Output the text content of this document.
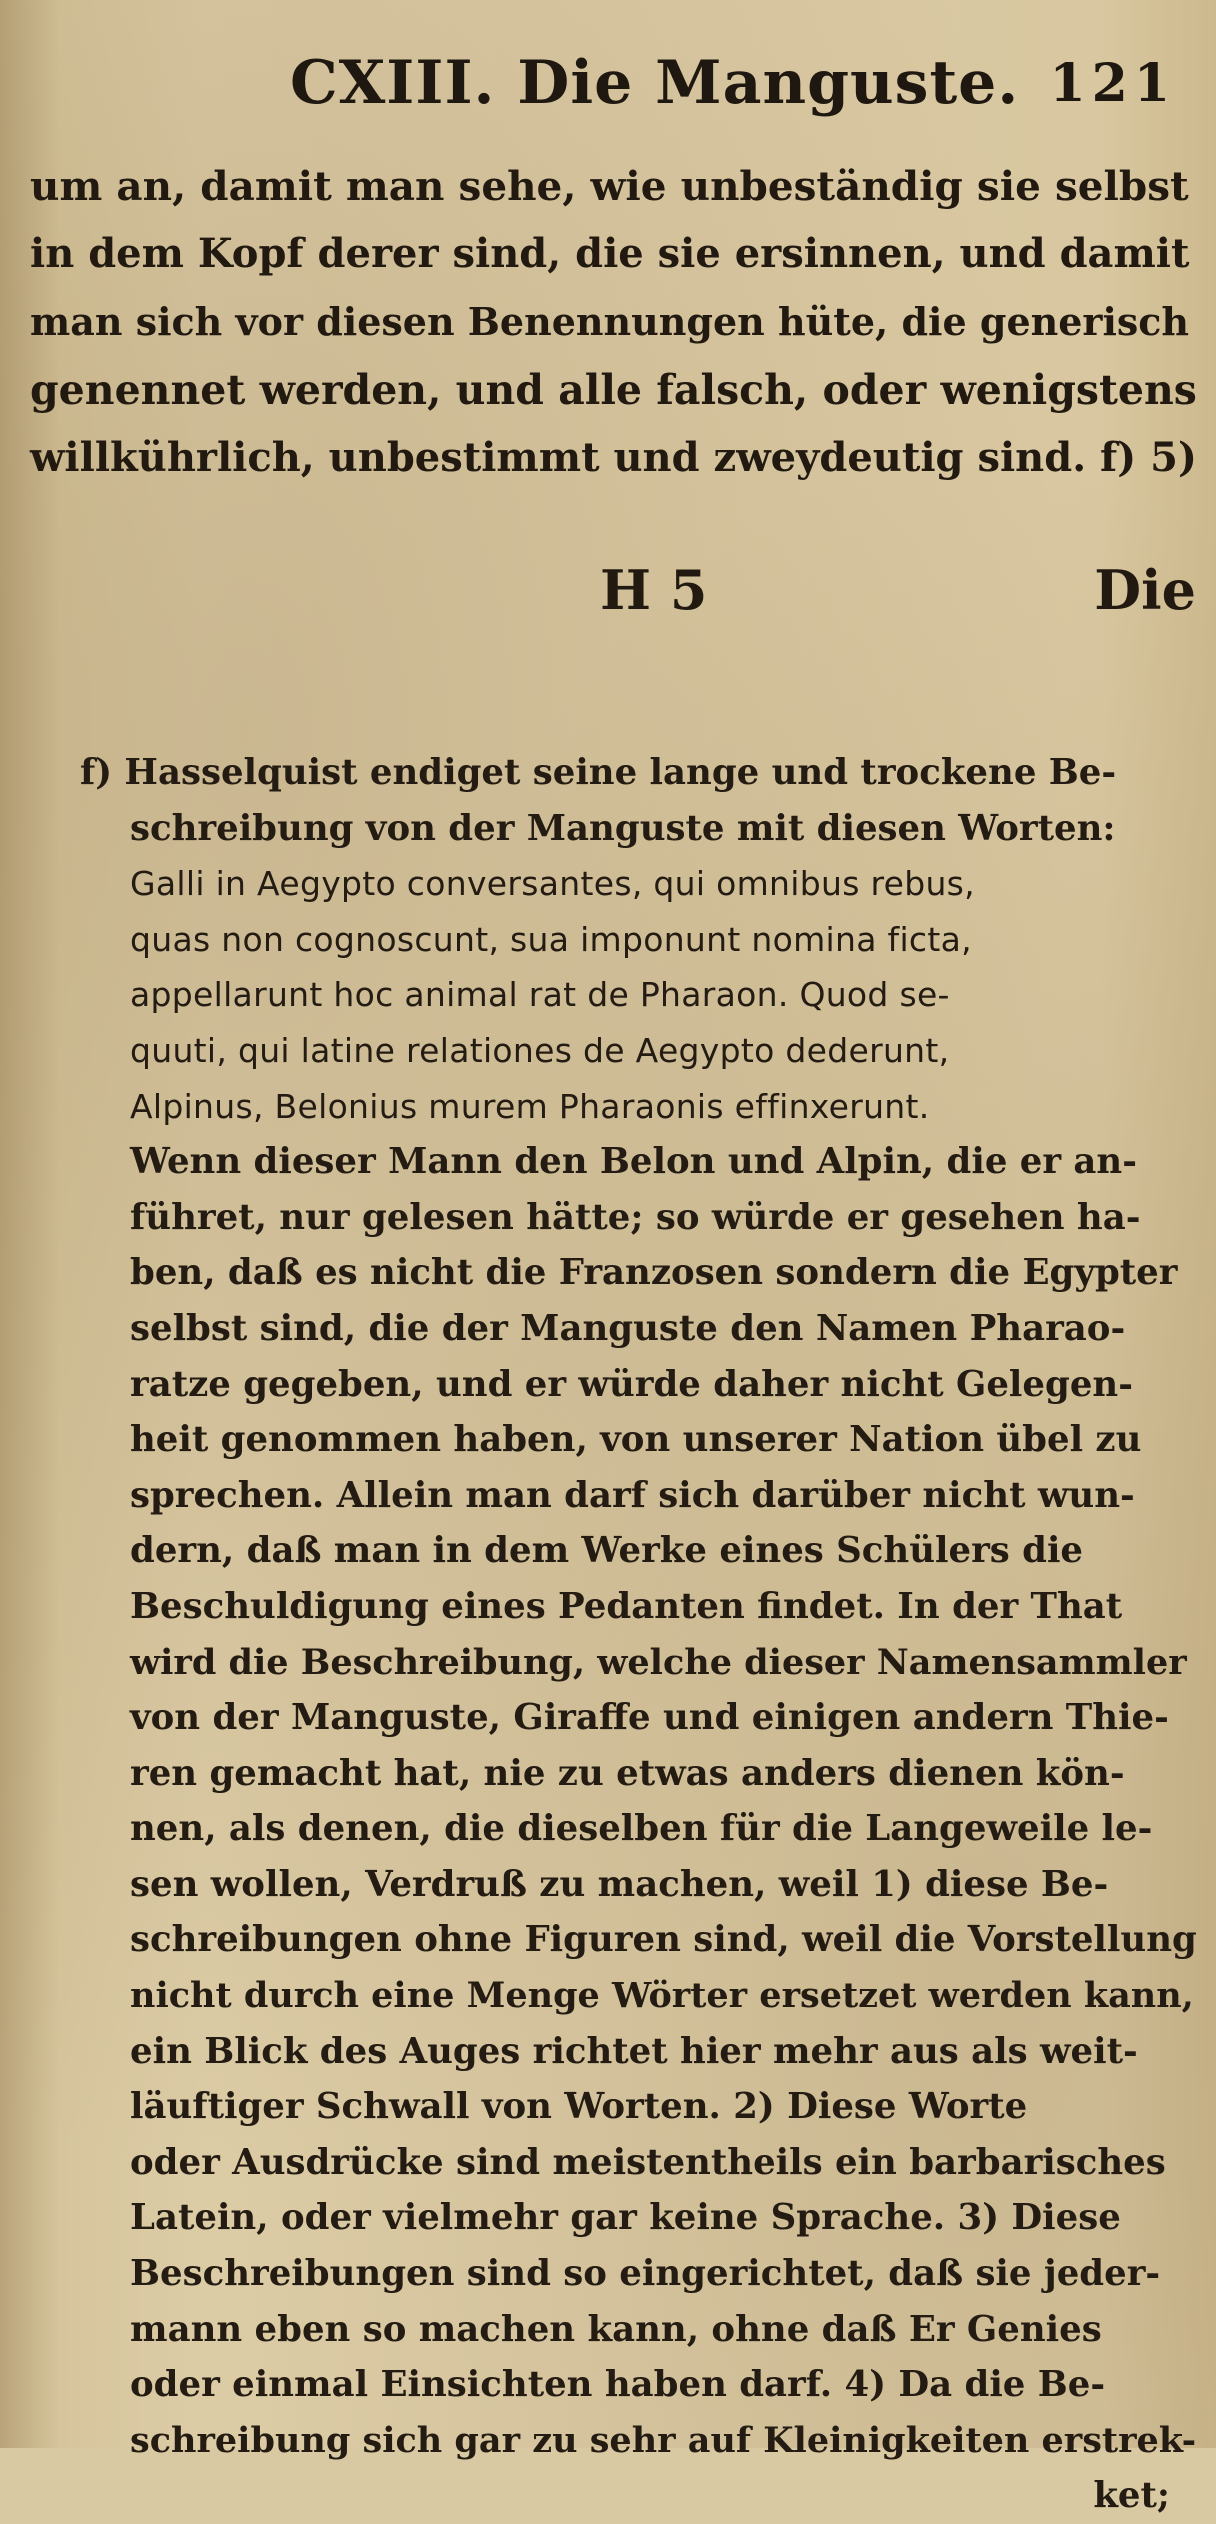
CXIII. Die Manguste. 121
um an, damit man sehe, wie unbeständig sie selbst
in dem Kopf derer sind, die sie ersinnen, und damit
man sich vor diesen Benennungen hüte, die generisch
genennet werden, und alle falsch, oder wenigstens
willkührlich, unbestimmt und zweydeutig sind. f) 5)
H 5	Die
f) Hasselquist endiget seine lange und trockene Be-
schreibung von der Manguste mit diesen Worten:
Galli in Aegypto conversantes, qui omnibus rebus,
quas non cognoscunt, sua imponunt nomina ficta,
appellarunt hoc animal rat de Pharaon. Quod se-
quuti, qui latine relationes de Aegypto dederunt,
Alpinus, Belonius murem Pharaonis effinxerunt.
Wenn dieser Mann den Belon und Alpin, die er an-
führet, nur gelesen hätte; so würde er gesehen ha-
ben, daß es nicht die Franzosen sondern die Egypter
selbst sind, die der Manguste den Namen Pharao-
ratze gegeben, und er würde daher nicht Gelegen-
heit genommen haben, von unserer Nation übel zu
sprechen. Allein man darf sich darüber nicht wun-
dern, daß man in dem Werke eines Schülers die
Beschuldigung eines Pedanten findet. In der That
wird die Beschreibung, welche dieser Namensammler
von der Manguste, Giraffe und einigen andern Thie-
ren gemacht hat, nie zu etwas anders dienen kön-
nen, als denen, die dieselben für die Langeweile le-
sen wollen, Verdruß zu machen, weil 1) diese Be-
schreibungen ohne Figuren sind, weil die Vorstellung
nicht durch eine Menge Wörter ersetzet werden kann,
ein Blick des Auges richtet hier mehr aus als weit-
läuftiger Schwall von Worten. 2) Diese Worte
oder Ausdrücke sind meistentheils ein barbarisches
Latein, oder vielmehr gar keine Sprache. 3) Diese
Beschreibungen sind so eingerichtet, daß sie jeder-
mann eben so machen kann, ohne daß Er Genies
oder einmal Einsichten haben darf. 4) Da die Be-
schreibung sich gar zu sehr auf Kleinigkeiten erstrek-
ket;
